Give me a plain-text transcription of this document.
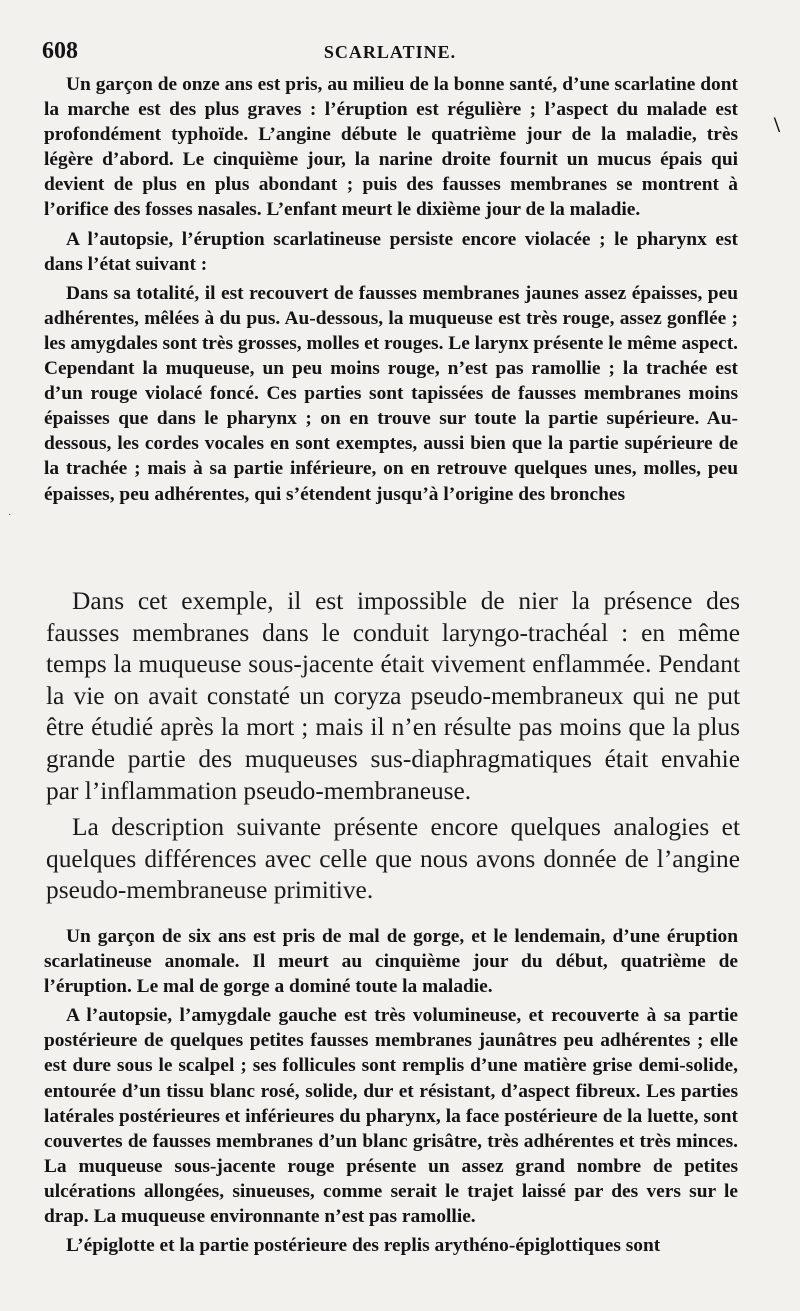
608	SCARLATINE.
\
·

Un garçon de onze ans est pris, au milieu de la bonne santé, d’une scarlatine dont la marche est des plus graves : l’éruption est régulière ; l’aspect du malade est profondément typhoïde. L’angine débute le quatrième jour de la maladie, très légère d’abord. Le cinquième jour, la narine droite fournit un mucus épais qui devient de plus en plus abondant ; puis des fausses membranes se montrent à l’orifice des fosses nasales. L’enfant meurt le dixième jour de la maladie.

A l’autopsie, l’éruption scarlatineuse persiste encore violacée ; le pharynx est dans l’état suivant :

Dans sa totalité, il est recouvert de fausses membranes jaunes assez épaisses, peu adhérentes, mêlées à du pus. Au-dessous, la muqueuse est très rouge, assez gonflée ; les amygdales sont très grosses, molles et rouges. Le larynx présente le même aspect. Cependant la muqueuse, un peu moins rouge, n’est pas ramollie ; la trachée est d’un rouge violacé foncé. Ces parties sont tapissées de fausses membranes moins épaisses que dans le pharynx ; on en trouve sur toute la partie supérieure. Au-dessous, les cordes vocales en sont exemptes, aussi bien que la partie supérieure de la trachée ; mais à sa partie inférieure, on en retrouve quelques unes, molles, peu épaisses, peu adhérentes, qui s’étendent jusqu’à l’origine des bronches

Dans cet exemple, il est impossible de nier la présence des fausses membranes dans le conduit laryngo-trachéal : en même temps la muqueuse sous-jacente était vivement enflammée. Pendant la vie on avait constaté un coryza pseudo-membraneux qui ne put être étudié après la mort ; mais il n’en résulte pas moins que la plus grande partie des muqueuses sus-diaphragmatiques était envahie par l’inflammation pseudo-membraneuse.

La description suivante présente encore quelques analogies et quelques différences avec celle que nous avons donnée de l’angine pseudo-membraneuse primitive.

Un garçon de six ans est pris de mal de gorge, et le lendemain, d’une éruption scarlatineuse anomale. Il meurt au cinquième jour du début, quatrième de l’éruption. Le mal de gorge a dominé toute la maladie.

A l’autopsie, l’amygdale gauche est très volumineuse, et recouverte à sa partie postérieure de quelques petites fausses membranes jaunâtres peu adhérentes ; elle est dure sous le scalpel ; ses follicules sont remplis d’une matière grise demi-solide, entourée d’un tissu blanc rosé, solide, dur et résistant, d’aspect fibreux. Les parties latérales postérieures et inférieures du pharynx, la face postérieure de la luette, sont couvertes de fausses membranes d’un blanc grisâtre, très adhérentes et très minces. La muqueuse sous-jacente rouge présente un assez grand nombre de petites ulcérations allongées, sinueuses, comme serait le trajet laissé par des vers sur le drap. La muqueuse environnante n’est pas ramollie.

L’épiglotte et la partie postérieure des replis arythéno-épiglottiques sont
